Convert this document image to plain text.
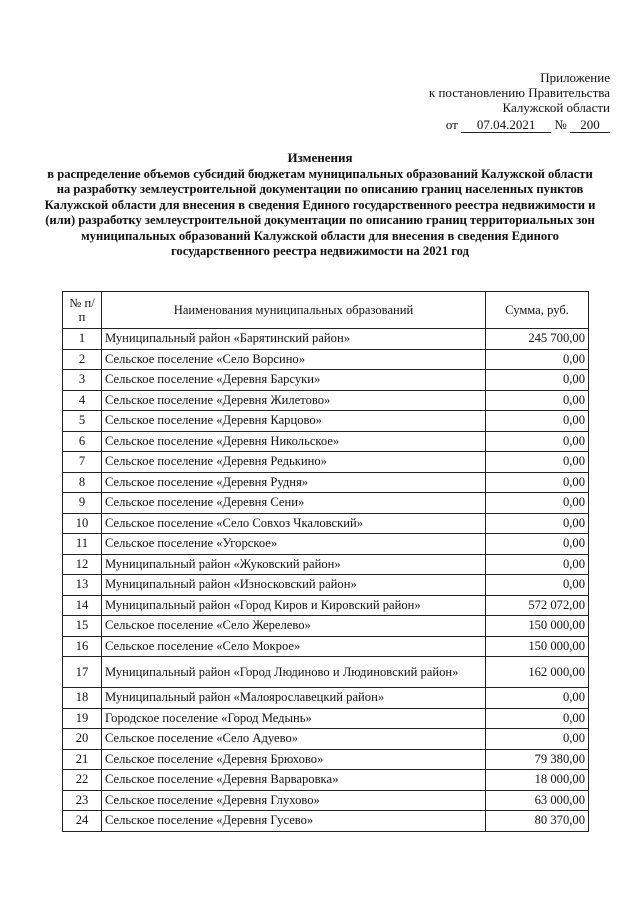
Приложение
к постановлению Правительства
Калужской области
от 07.04.2021 № 200
Изменения
в распределение объемов субсидий бюджетам муниципальных образований Калужской области на разработку землеустроительной документации по описанию границ населенных пунктов Калужской области для внесения в сведения Единого государственного реестра недвижимости и (или) разработку землеустроительной документации по описанию границ территориальных зон муниципальных образований Калужской области для внесения в сведения Единого государственного реестра недвижимости на 2021 год
№ п/п	Наименования муниципальных образований	Сумма, руб.
1	Муниципальный район «Барятинский район»	245 700,00
2	Сельское поселение «Село Ворсино»	0,00
3	Сельское поселение «Деревня Барсуки»	0,00
4	Сельское поселение «Деревня Жилетово»	0,00
5	Сельское поселение «Деревня Карцово»	0,00
6	Сельское поселение «Деревня Никольское»	0,00
7	Сельское поселение «Деревня Редькино»	0,00
8	Сельское поселение «Деревня Рудня»	0,00
9	Сельское поселение «Деревня Сени»	0,00
10	Сельское поселение «Село Совхоз Чкаловский»	0,00
11	Сельское поселение «Угорское»	0,00
12	Муниципальный район «Жуковский район»	0,00
13	Муниципальный район «Износковский район»	0,00
14	Муниципальный район «Город Киров и Кировский район»	572 072,00
15	Сельское поселение «Село Жерелево»	150 000,00
16	Сельское поселение «Село Мокрое»	150 000,00
17	Муниципальный район «Город Людиново и Людиновский район»	162 000,00
18	Муниципальный район «Малоярославецкий район»	0,00
19	Городское поселение «Город Медынь»	0,00
20	Сельское поселение «Село Адуево»	0,00
21	Сельское поселение «Деревня Брюхово»	79 380,00
22	Сельское поселение «Деревня Варваровка»	18 000,00
23	Сельское поселение «Деревня Глухово»	63 000,00
24	Сельское поселение «Деревня Гусево»	80 370,00
